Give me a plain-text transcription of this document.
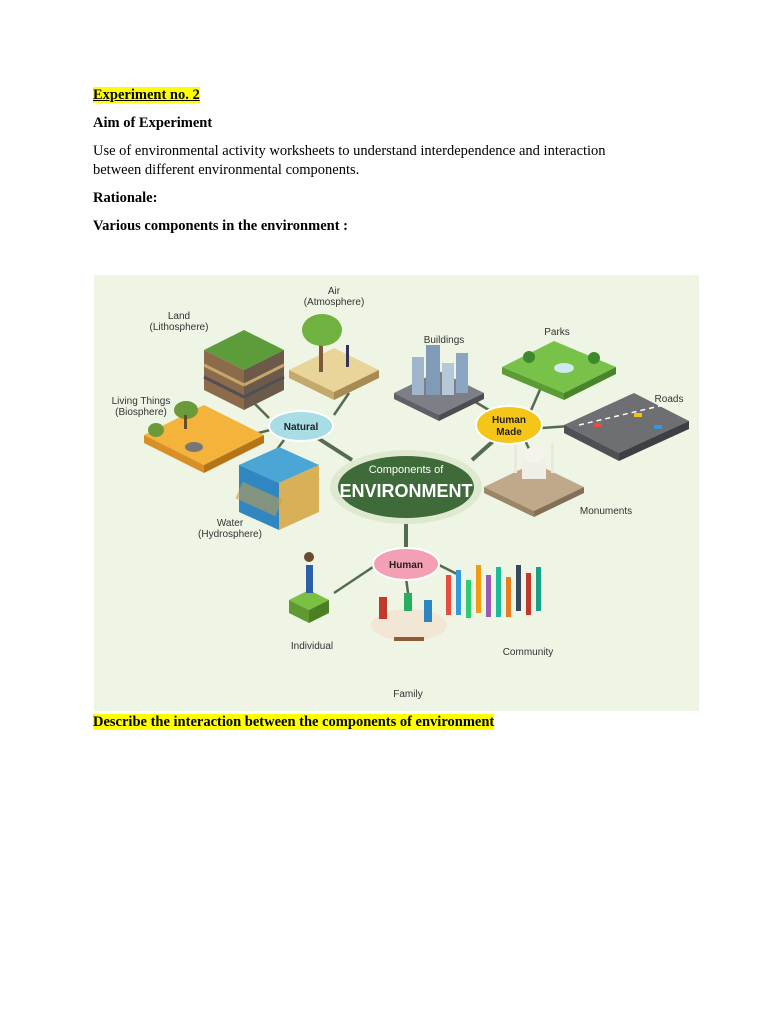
Experiment no. 2

Aim of Experiment

Use of environmental activity worksheets to understand interdependence and interaction

between different environmental components.

Rationale:

Various components in the environment :

Natural
Human
Made
Human
Components of
ENVIRONMENT
Land
(Lithosphere)
Air
(Atmosphere)
Living Things
(Biosphere)
Water
(Hydrosphere)
Buildings
Parks
Roads
Monuments
Individual
Family
Community

Describe the interaction between the components of environment
